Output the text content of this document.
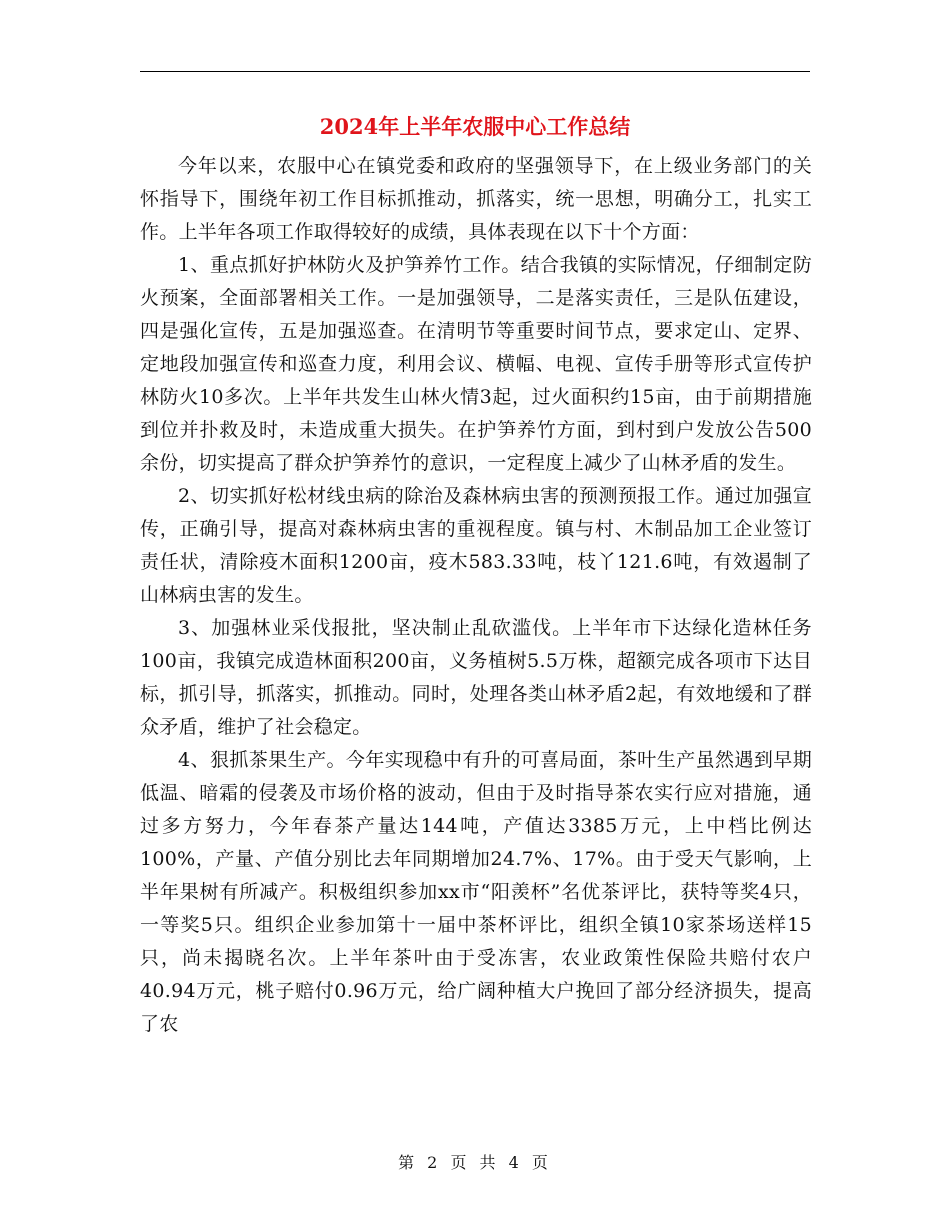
2024年上半年农服中心工作总结

今年以来，农服中心在镇党委和政府的坚强领导下，在上级业务部门的关怀指导下，围绕年初工作目标抓推动，抓落实，统一思想，明确分工，扎实工作。上半年各项工作取得较好的成绩，具体表现在以下十个方面：

1、重点抓好护林防火及护笋养竹工作。结合我镇的实际情况，仔细制定防火预案，全面部署相关工作。一是加强领导，二是落实责任，三是队伍建设，四是强化宣传，五是加强巡查。在清明节等重要时间节点，要求定山、定界、定地段加强宣传和巡查力度，利用会议、横幅、电视、宣传手册等形式宣传护林防火10多次。上半年共发生山林火情3起，过火面积约15亩，由于前期措施到位并扑救及时，未造成重大损失。在护笋养竹方面，到村到户发放公告500余份，切实提高了群众护笋养竹的意识，一定程度上减少了山林矛盾的发生。

2、切实抓好松材线虫病的除治及森林病虫害的预测预报工作。通过加强宣传，正确引导，提高对森林病虫害的重视程度。镇与村、木制品加工企业签订责任状，清除疫木面积1200亩，疫木583.33吨，枝丫121.6吨，有效遏制了山林病虫害的发生。

3、加强林业采伐报批，坚决制止乱砍滥伐。上半年市下达绿化造林任务100亩，我镇完成造林面积200亩，义务植树5.5万株，超额完成各项市下达目标，抓引导，抓落实，抓推动。同时，处理各类山林矛盾2起，有效地缓和了群众矛盾，维护了社会稳定。

4、狠抓茶果生产。今年实现稳中有升的可喜局面，茶叶生产虽然遇到早期低温、暗霜的侵袭及市场价格的波动，但由于及时指导茶农实行应对措施，通过多方努力，今年春茶产量达144吨，产值达3385万元，上中档比例达100%，产量、产值分别比去年同期增加24.7%、17%。由于受天气影响，上半年果树有所减产。积极组织参加xx市“阳羡杯”名优茶评比，获特等奖4只，一等奖5只。组织企业参加第十一届中茶杯评比，组织全镇10家茶场送样15只，尚未揭晓名次。上半年茶叶由于受冻害，农业政策性保险共赔付农户40.94万元，桃子赔付0.96万元，给广阔种植大户挽回了部分经济损失，提高了农

第 2 页 共 4 页
